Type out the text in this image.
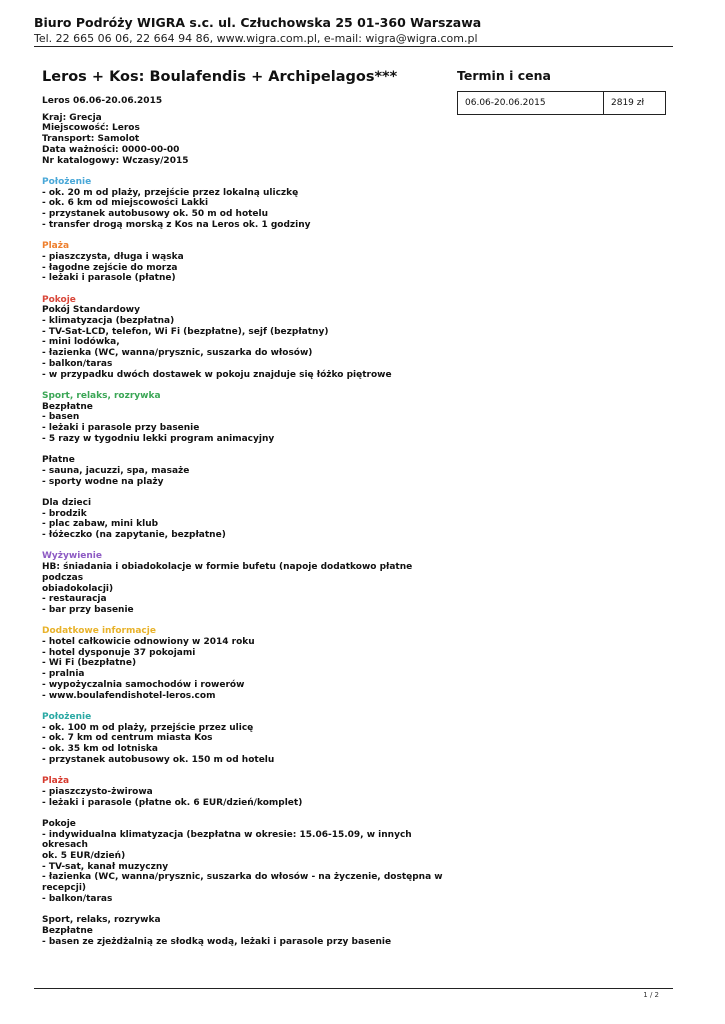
Biuro Podróży WIGRA s.c. ul. Człuchowska 25 01-360 Warszawa
Tel. 22 665 06 06, 22 664 94 86, www.wigra.com.pl, e-mail: wigra@wigra.com.pl
Leros + Kos: Boulafendis + Archipelagos***
Leros 06.06-20.06.2015
Kraj: Grecja
Miejscowość: Leros
Transport: Samolot
Data ważności: 0000-00-00
Nr katalogowy: Wczasy/2015
Położenie
- ok. 20 m od plaży, przejście przez lokalną uliczkę
- ok. 6 km od miejscowości Lakki
- przystanek autobusowy ok. 50 m od hotelu
- transfer drogą morską z Kos na Leros ok. 1 godziny
Plaża
- piaszczysta, długa i wąska
- łagodne zejście do morza
- leżaki i parasole (płatne)
Pokoje
Pokój Standardowy
- klimatyzacja (bezpłatna)
- TV-Sat-LCD, telefon, Wi Fi (bezpłatne), sejf (bezpłatny)
- mini lodówka,
- łazienka (WC, wanna/prysznic, suszarka do włosów)
- balkon/taras
- w przypadku dwóch dostawek w pokoju znajduje się łóżko piętrowe
Sport, relaks, rozrywka
Bezpłatne
- basen
- leżaki i parasole przy basenie
- 5 razy w tygodniu lekki program animacyjny
Płatne
- sauna, jacuzzi, spa, masaże
- sporty wodne na plaży
Dla dzieci
- brodzik
- plac zabaw, mini klub
- łóżeczko (na zapytanie, bezpłatne)
Wyżywienie
HB: śniadania i obiadokolacje w formie bufetu (napoje dodatkowo płatne podczas
obiadokolacji)
- restauracja
- bar przy basenie
Dodatkowe informacje
- hotel całkowicie odnowiony w 2014 roku
- hotel dysponuje 37 pokojami
- Wi Fi (bezpłatne)
- pralnia
- wypożyczalnia samochodów i rowerów
- www.boulafendishotel-leros.com
Położenie
- ok. 100 m od plaży, przejście przez ulicę
- ok. 7 km od centrum miasta Kos
- ok. 35 km od lotniska
- przystanek autobusowy ok. 150 m od hotelu
Plaża
- piaszczysto-żwirowa
- leżaki i parasole (płatne ok. 6 EUR/dzień/komplet)
Pokoje
- indywidualna klimatyzacja (bezpłatna w okresie: 15.06-15.09, w innych okresach
ok. 5 EUR/dzień)
- TV-sat, kanał muzyczny
- łazienka (WC, wanna/prysznic, suszarka do włosów - na życzenie, dostępna w
recepcji)
- balkon/taras
Sport, relaks, rozrywka
Bezpłatne
- basen ze zjeżdżalnią ze słodką wodą, leżaki i parasole przy basenie
Termin i cena
06.06-20.06.2015	2819 zł
1 / 2
